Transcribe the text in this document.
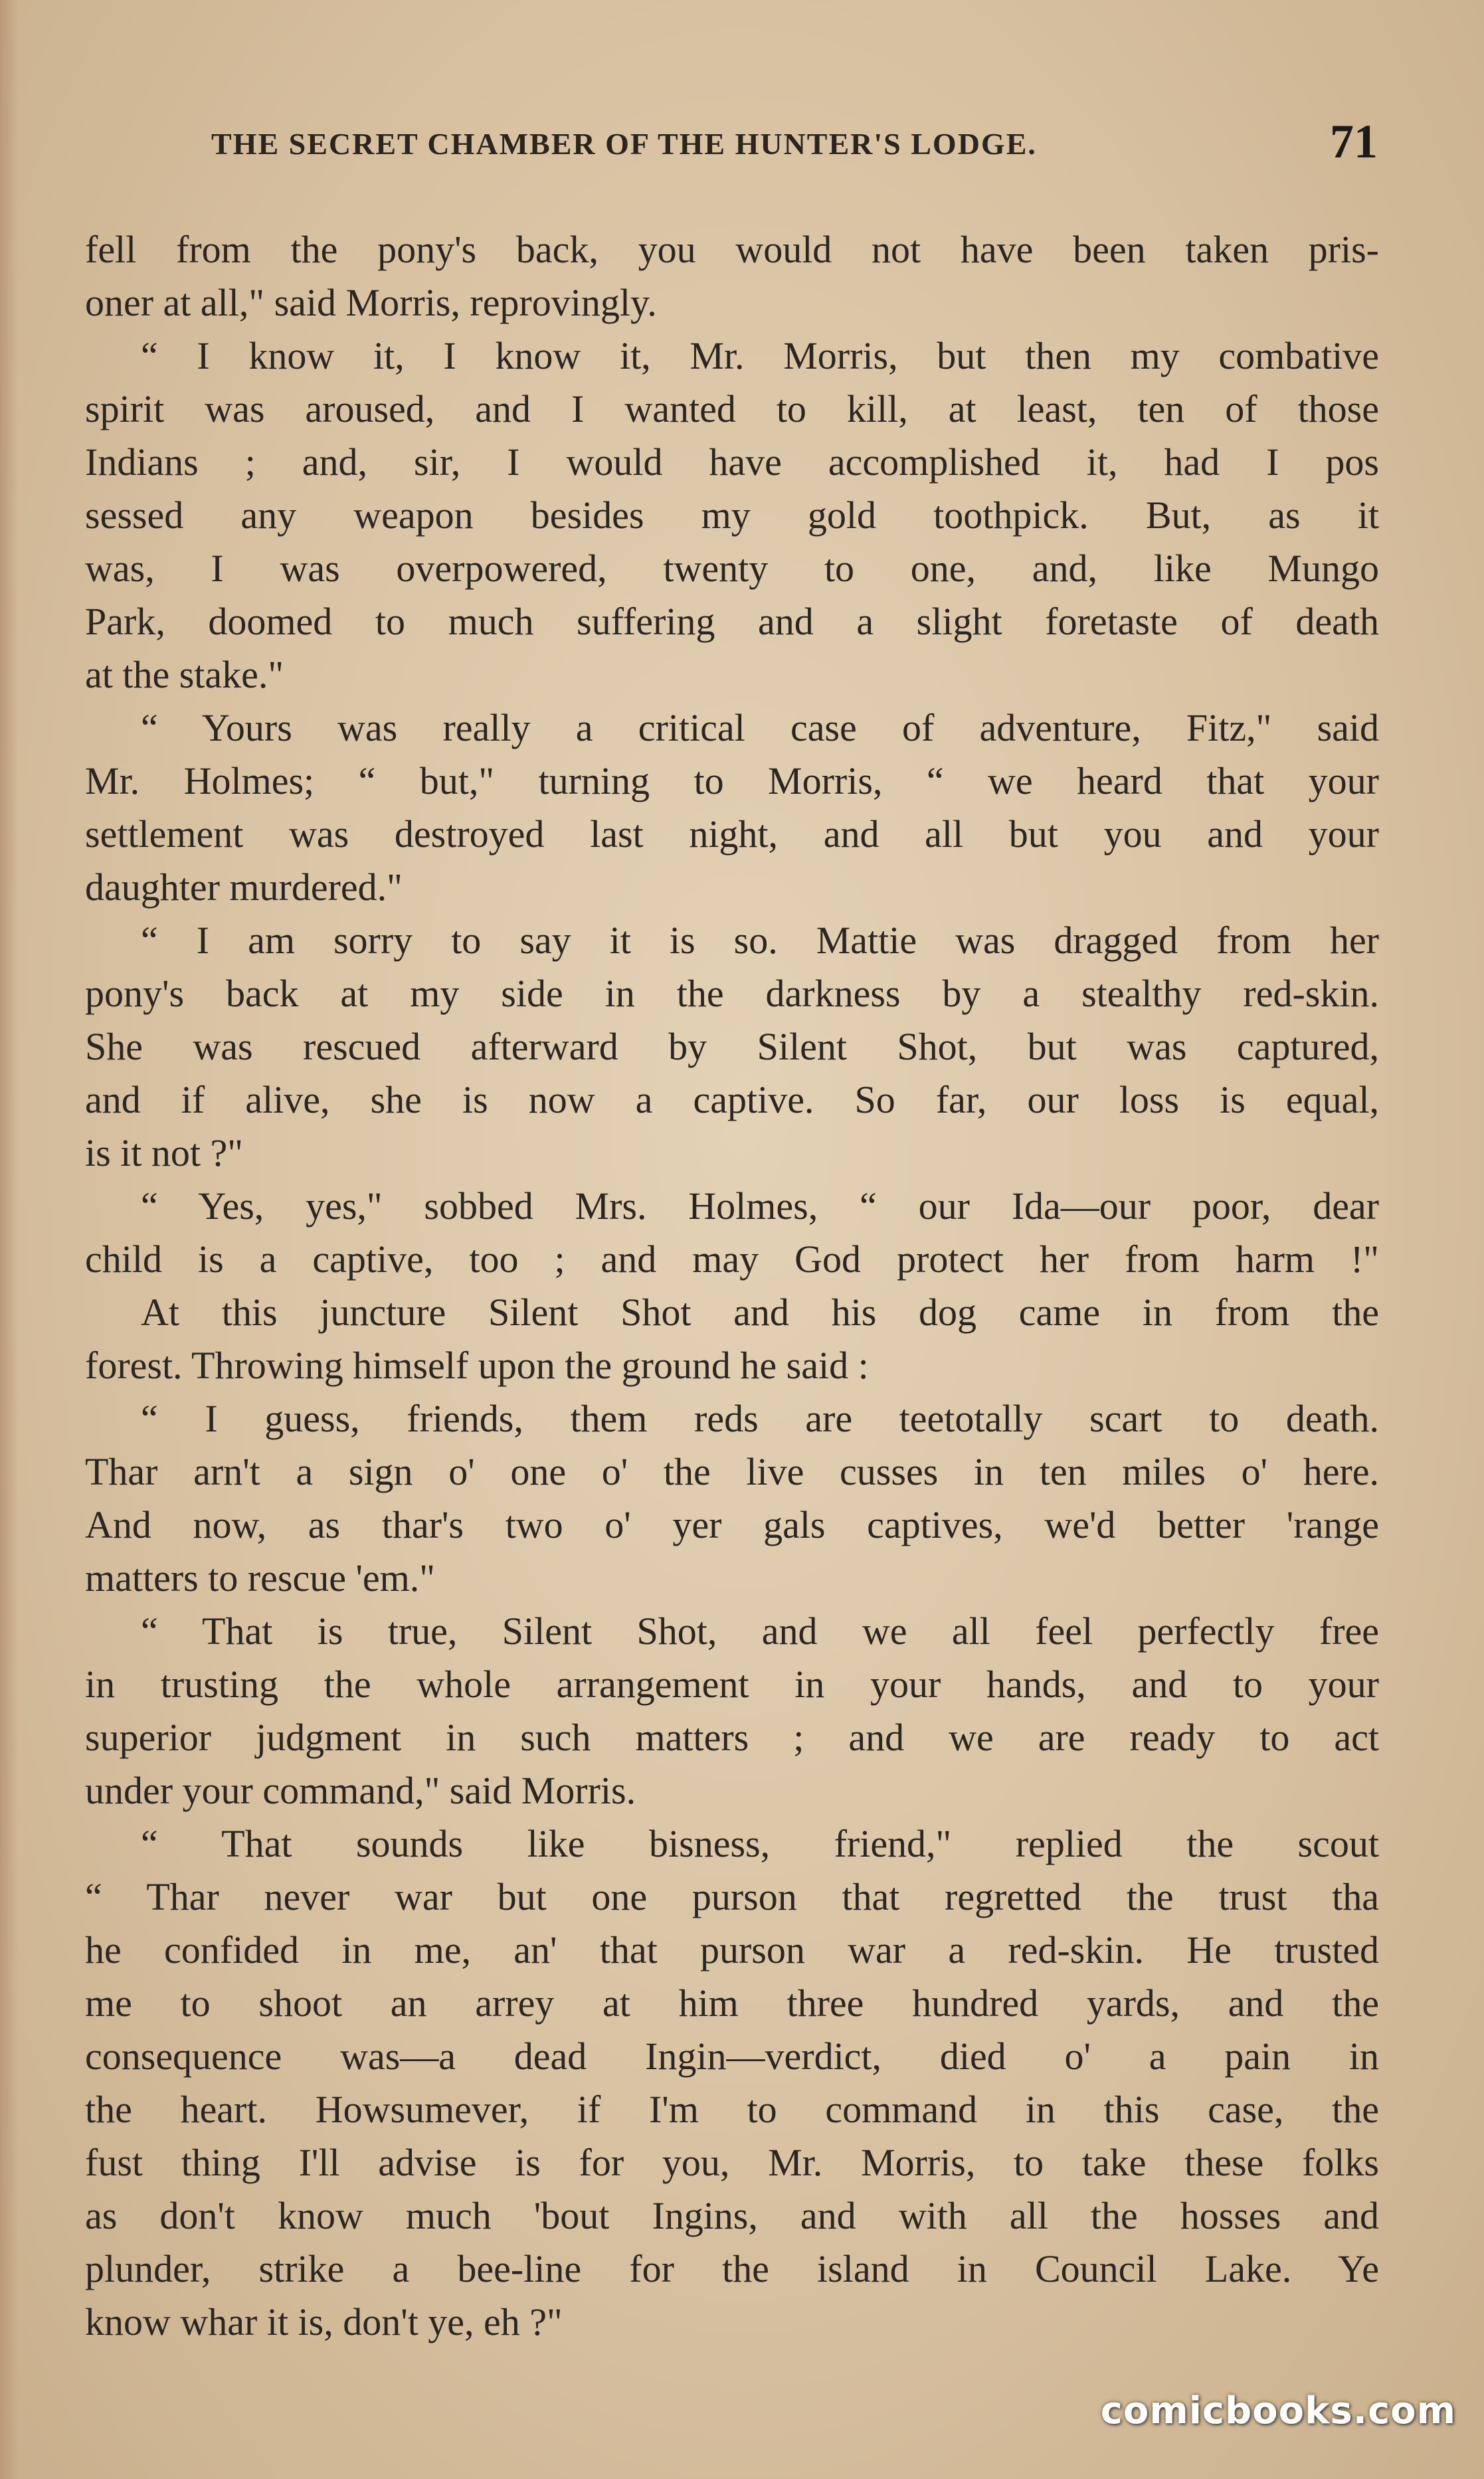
THE SECRET CHAMBER OF THE HUNTER'S LODGE.	71
fell from the pony's back, you would not have been taken pris-
oner at all," said Morris, reprovingly.
“ I know it, I know it, Mr. Morris, but then my combative
spirit was aroused, and I wanted to kill, at least, ten of those
Indians ; and, sir, I would have accomplished it, had I pos
sessed any weapon besides my gold toothpick. But, as it
was, I was overpowered, twenty to one, and, like Mungo
Park, doomed to much suffering and a slight foretaste of death
at the stake."
“ Yours was really a critical case of adventure, Fitz," said
Mr. Holmes; “ but," turning to Morris, “ we heard that your
settlement was destroyed last night, and all but you and your
daughter murdered."
“ I am sorry to say it is so. Mattie was dragged from her
pony's back at my side in the darkness by a stealthy red-skin.
She was rescued afterward by Silent Shot, but was captured,
and if alive, she is now a captive. So far, our loss is equal,
is it not ?"
“ Yes, yes," sobbed Mrs. Holmes, “ our Ida—our poor, dear
child is a captive, too ; and may God protect her from harm !"
At this juncture Silent Shot and his dog came in from the
forest. Throwing himself upon the ground he said :
“ I guess, friends, them reds are teetotally scart to death.
Thar arn't a sign o' one o' the live cusses in ten miles o' here.
And now, as thar's two o' yer gals captives, we'd better 'range
matters to rescue 'em."
“ That is true, Silent Shot, and we all feel perfectly free
in trusting the whole arrangement in your hands, and to your
superior judgment in such matters ; and we are ready to act
under your command," said Morris.
“ That sounds like bisness, friend," replied the scout
“ Thar never war but one purson that regretted the trust tha
he confided in me, an' that purson war a red-skin. He trusted
me to shoot an arrey at him three hundred yards, and the
consequence was—a dead Ingin—verdict, died o' a pain in
the heart. Howsumever, if I'm to command in this case, the
fust thing I'll advise is for you, Mr. Morris, to take these folks
as don't know much 'bout Ingins, and with all the hosses and
plunder, strike a bee-line for the island in Council Lake. Ye
know whar it is, don't ye, eh ?"
comicbooks.com
